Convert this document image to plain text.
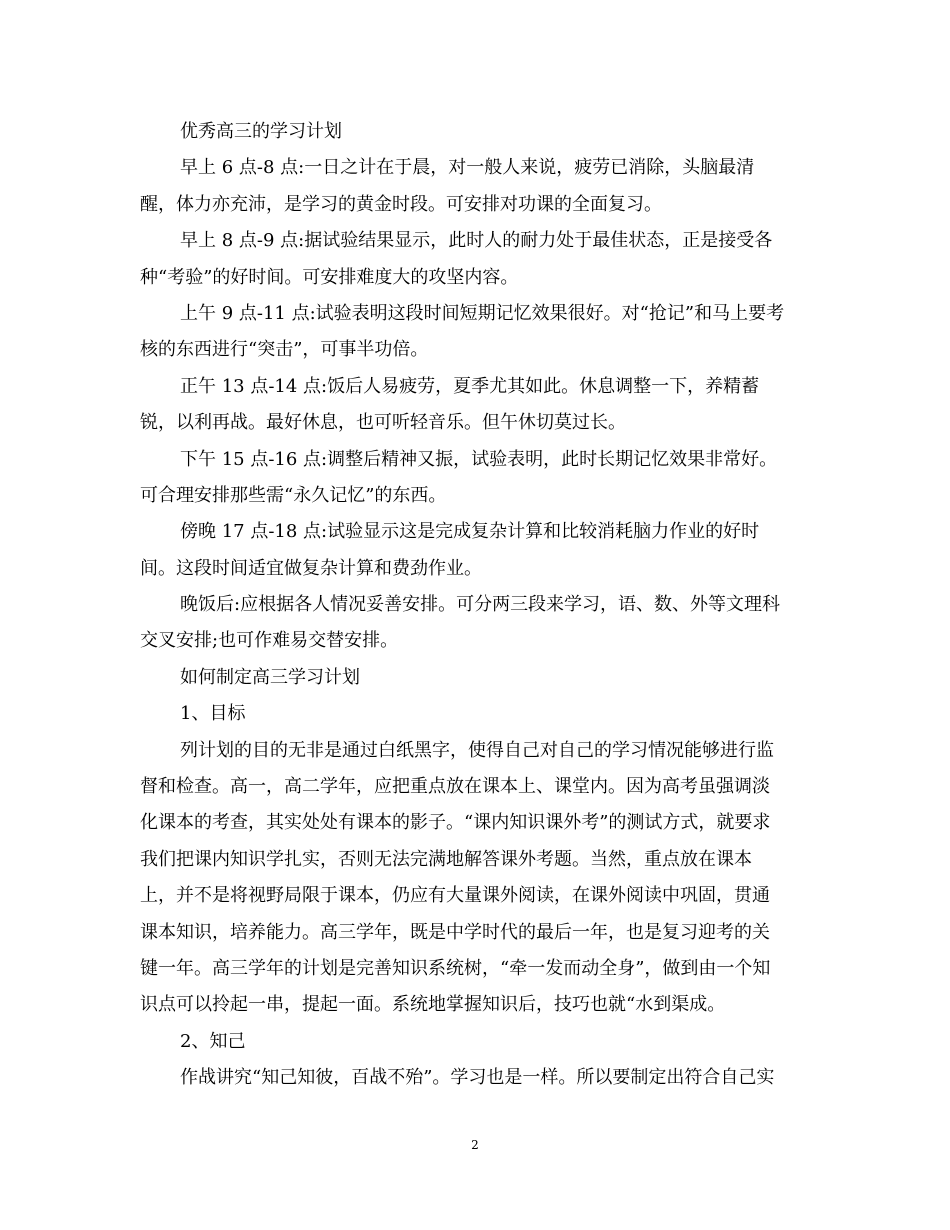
优秀高三的学习计划
早上 6 点-8 点:一日之计在于晨，对一般人来说，疲劳已消除，头脑最清
醒，体力亦充沛，是学习的黄金时段。可安排对功课的全面复习。
早上 8 点-9 点:据试验结果显示，此时人的耐力处于最佳状态，正是接受各
种“考验”的好时间。可安排难度大的攻坚内容。
上午 9 点-11 点:试验表明这段时间短期记忆效果很好。对“抢记”和马上要考
核的东西进行“突击”，可事半功倍。
正午 13 点-14 点:饭后人易疲劳，夏季尤其如此。休息调整一下，养精蓄
锐，以利再战。最好休息，也可听轻音乐。但午休切莫过长。
下午 15 点-16 点:调整后精神又振，试验表明，此时长期记忆效果非常好。
可合理安排那些需“永久记忆”的东西。
傍晚 17 点-18 点:试验显示这是完成复杂计算和比较消耗脑力作业的好时
间。这段时间适宜做复杂计算和费劲作业。
晚饭后:应根据各人情况妥善安排。可分两三段来学习，语、数、外等文理科
交叉安排;也可作难易交替安排。
如何制定高三学习计划
1、目标
列计划的目的无非是通过白纸黑字，使得自己对自己的学习情况能够进行监
督和检查。高一，高二学年，应把重点放在课本上、课堂内。因为高考虽强调淡
化课本的考查，其实处处有课本的影子。“课内知识课外考”的测试方式，就要求
我们把课内知识学扎实，否则无法完满地解答课外考题。当然，重点放在课本
上，并不是将视野局限于课本，仍应有大量课外阅读，在课外阅读中巩固，贯通
课本知识，培养能力。高三学年，既是中学时代的最后一年，也是复习迎考的关
键一年。高三学年的计划是完善知识系统树，“牵一发而动全身”，做到由一个知
识点可以拎起一串，提起一面。系统地掌握知识后，技巧也就“水到渠成。
2、知己
作战讲究“知己知彼，百战不殆”。学习也是一样。所以要制定出符合自己实
2
